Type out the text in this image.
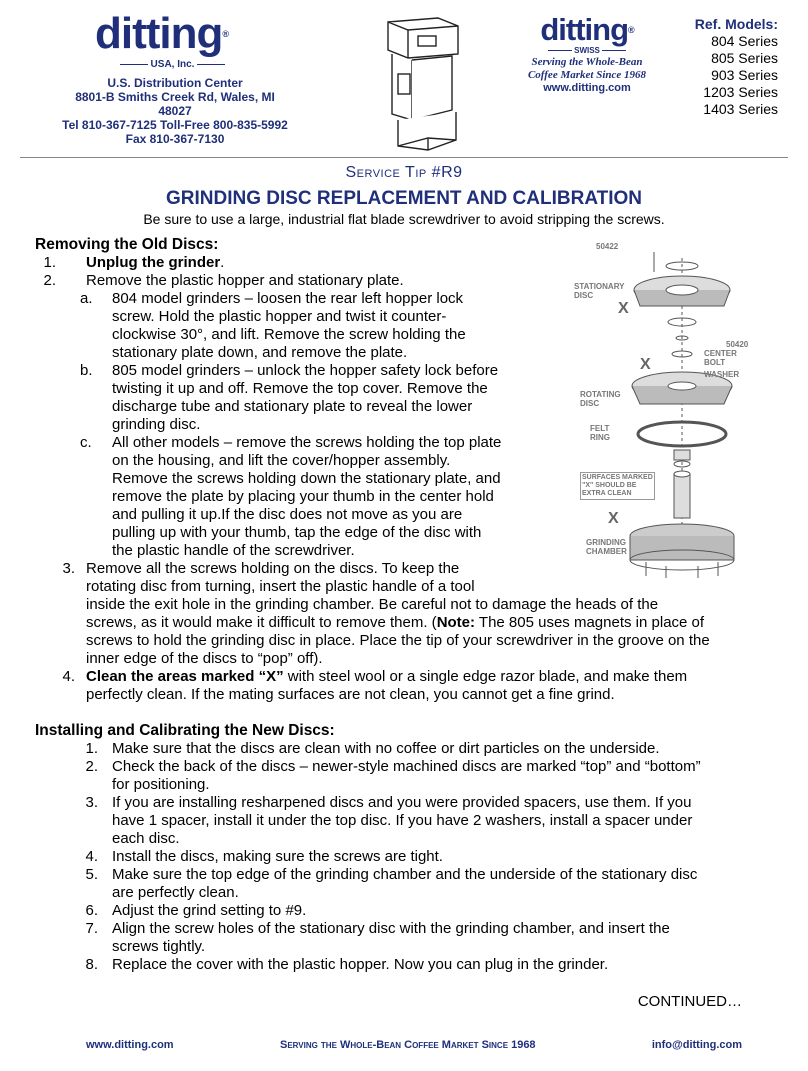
ditting®
USA, Inc.
U.S. Distribution Center
8801-B Smiths Creek Rd, Wales, MI 48027
Tel 810-367-7125 Toll-Free 800-835-5992
Fax 810-367-7130
ditting®
SWISS
Serving the Whole-Bean
Coffee Market Since 1968
www.ditting.com
Ref. Models:
804 Series
805 Series
903 Series
1203 Series
1403 Series
Service Tip #R9
GRINDING DISC REPLACEMENT AND CALIBRATION
Be sure to use a large, industrial flat blade screwdriver to avoid stripping the screws.
50422
STATIONARY
DISC
X
50420
X
CENTER
BOLT
WASHER
ROTATING
DISC
FELT
RING
SURFACES MARKED
"X" SHOULD BE
EXTRA CLEAN
X
GRINDING
CHAMBER
Removing the Old Discs:
1. Unplug the grinder.
2. Remove the plastic hopper and stationary plate.
a. 804 model grinders – loosen the rear left hopper lock
screw. Hold the plastic hopper and twist it counter-
clockwise 30°, and lift. Remove the screw holding the
stationary plate down, and remove the plate.
b. 805 model grinders – unlock the hopper safety lock before
twisting it up and off. Remove the top cover. Remove the
discharge tube and stationary plate to reveal the lower
grinding disc.
c. All other models – remove the screws holding the top plate
on the housing, and lift the cover/hopper assembly.
Remove the screws holding down the stationary plate, and
remove the plate by placing your thumb in the center hold
and pulling it up.If the disc does not move as you are
pulling up with your thumb, tap the edge of the disc with
the plastic handle of the screwdriver.
3. Remove all the screws holding on the discs. To keep the
rotating disc from turning, insert the plastic handle of a tool
inside the exit hole in the grinding chamber. Be careful not to damage the heads of the
screws, as it would make it difficult to remove them. (Note: The 805 uses magnets in place of
screws to hold the grinding disc in place. Place the tip of your screwdriver in the groove on the
inner edge of the discs to “pop” off).
4. Clean the areas marked “X” with steel wool or a single edge razor blade, and make them
perfectly clean. If the mating surfaces are not clean, you cannot get a fine grind.
Installing and Calibrating the New Discs:
1. Make sure that the discs are clean with no coffee or dirt particles on the underside.
2. Check the back of the discs – newer-style machined discs are marked “top” and “bottom”
for positioning.
3. If you are installing resharpened discs and you were provided spacers, use them. If you
have 1 spacer, install it under the top disc. If you have 2 washers, install a spacer under
each disc.
4. Install the discs, making sure the screws are tight.
5. Make sure the top edge of the grinding chamber and the underside of the stationary disc
are perfectly clean.
6. Adjust the grind setting to #9.
7. Align the screw holes of the stationary disc with the grinding chamber, and insert the
screws tightly.
8. Replace the cover with the plastic hopper. Now you can plug in the grinder.
CONTINUED…
www.ditting.com	Serving the Whole-Bean Coffee Market Since 1968	info@ditting.com
